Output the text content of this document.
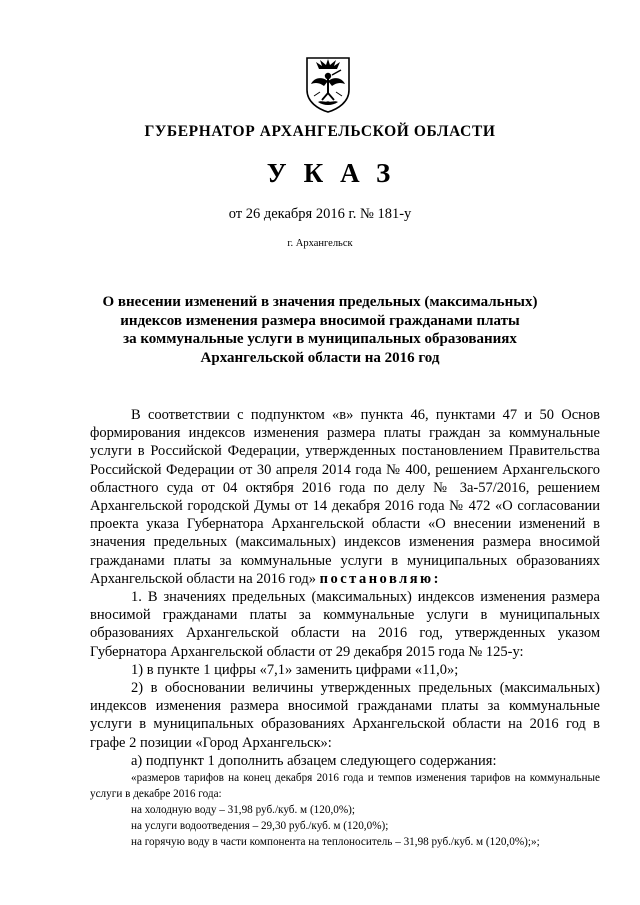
ГУБЕРНАТОР АРХАНГЕЛЬСКОЙ ОБЛАСТИ
УКАЗ
от 26 декабря 2016 г. № 181-у
г. Архангельск
О внесении изменений в значения предельных (максимальных)
индексов изменения размера вносимой гражданами платы
за коммунальные услуги в муниципальных образованиях
Архангельской области на 2016 год

В соответствии с подпунктом «в» пункта 46, пунктами 47 и 50 Основ формирования индексов изменения размера платы граждан за коммунальные услуги в Российской Федерации, утвержденных постановлением Правительства Российской Федерации от 30 апреля 2014 года № 400, решением Архангельского областного суда от 04 октября 2016 года по делу № 3а-57/2016, решением Архангельской городской Думы от 14 декабря 2016 года № 472 «О согласовании проекта указа Губернатора Архангельской области «О внесении изменений в значения предельных (максимальных) индексов изменения размера вносимой гражданами платы за коммунальные услуги в муниципальных образованиях Архангельской области на 2016 год» постановляю:

1. В значениях предельных (максимальных) индексов изменения размера вносимой гражданами платы за коммунальные услуги в муниципальных образованиях Архангельской области на 2016 год, утвержденных указом Губернатора Архангельской области от 29 декабря 2015 года № 125-у:

1) в пункте 1 цифры «7,1» заменить цифрами «11,0»;

2) в обосновании величины утвержденных предельных (максимальных) индексов изменения размера вносимой гражданами платы за коммунальные услуги в муниципальных образованиях Архангельской области на 2016 год в графе 2 позиции «Город Архангельск»:

а) подпункт 1 дополнить абзацем следующего содержания:

«размеров тарифов на конец декабря 2016 года и темпов изменения тарифов на коммунальные услуги в декабре 2016 года:

на холодную воду – 31,98 руб./куб. м (120,0%);

на услуги водоотведения – 29,30 руб./куб. м (120,0%);

на горячую воду в части компонента на теплоноситель – 31,98 руб./куб. м (120,0%);»;
